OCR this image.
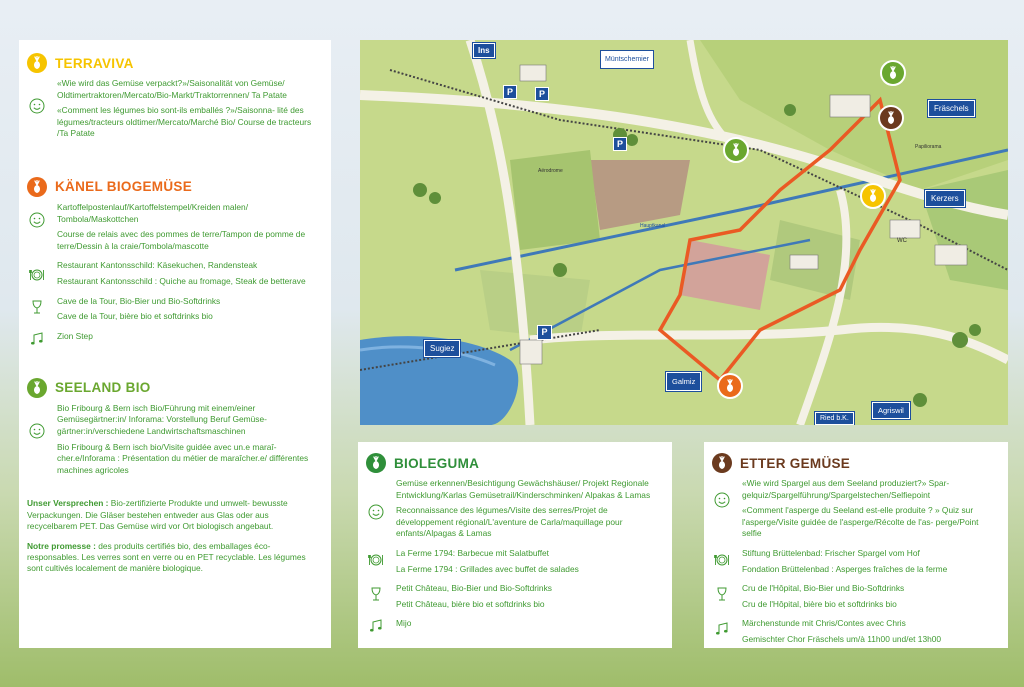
TERRAVIVA

«Wie wird das Gemüse verpackt?»/Saisonalität von Gemüse/ Oldtimertraktoren/Mercato/Bio-Markt/Traktorrennen/ Ta Patate

«Comment les légumes bio sont-ils emballés ?»/Saisonna- lité des légumes/tracteurs oldtimer/Mercato/Marché Bio/ Course de tracteurs /Ta Patate

KÄNEL BIOGEMÜSE

Kartoffelpostenlauf/Kartoffelstempel/Kreiden malen/ Tombola/Maskottchen

Course de relais avec des pommes de terre/Tampon de pomme de terre/Dessin à la craie/Tombola/mascotte

Restaurant Kantonsschild: Käsekuchen, Randensteak

Restaurant Kantonsschild : Quiche au fromage, Steak de betterave

Cave de la Tour, Bio-Bier und Bio-Softdrinks

Cave de la Tour, bière bio et softdrinks bio

Zion Step

SEELAND BIO

Bio Fribourg & Bern isch Bio/Führung mit einem/einer Gemüsegärtner:in/ Inforama: Vorstellung Beruf Gemüse- gärtner:in/verschiedene Landwirtschaftsmaschinen

Bio Fribourg & Bern isch bio/Visite guidée avec un.e maraî- cher.e/Inforama : Présentation du métier de maraîcher.e/ différentes machines agricoles

Unser Versprechen : Bio-zertifizierte Produkte und umwelt- bewusste Verpackungen. Die Gläser bestehen entweder aus Glas oder aus recycelbarem PET. Das Gemüse wird vor Ort biologisch angebaut.

Notre promesse : des produits certifiés bio, des emballages éco- responsables. Les verres sont en verre ou en PET recyclable. Les légumes sont cultivés localement de manière biologique.

Ins
Müntschemier
Fräschels
Kerzers
Sugiez
Galmiz
Ried b.K.
Agriswil
Aérodrome
Hauptkanal
WC
Papiliorama
P	P
P
P
BIOLEGUMA

Gemüse erkennen/Besichtigung Gewächshäuser/ Projekt Regionale Entwicklung/Karlas Gemüsetrail/Kinderschminken/ Alpakas & Lamas

Reconnaissance des légumes/Visite des serres/Projet de développement régional/L'aventure de Carla/maquillage pour enfants/Alpagas & Lamas

La Ferme 1794: Barbecue mit Salatbuffet

La Ferme 1794 : Grillades avec buffet de salades

Petit Château, Bio-Bier und Bio-Softdrinks

Petit Château, bière bio et softdrinks bio

Mijo

ETTER GEMÜSE

«Wie wird Spargel aus dem Seeland produziert?» Spar- gelquiz/Spargelführung/Spargelstechen/Selfiepoint

«Comment l'asperge du Seeland est-elle produite ? » Quiz sur l'asperge/Visite guidée de l'asperge/Récolte de l'as- perge/Point selfie

Stiftung Brüttelenbad: Frischer Spargel vom Hof

Fondation Brüttelenbad : Asperges fraîches de la ferme

Cru de l'Hôpital, Bio-Bier und Bio-Softdrinks

Cru de l'Hôpital, bière bio et softdrinks bio

Märchenstunde mit Chris/Contes avec Chris

Gemischter Chor Fräschels um/à 11h00 und/et 13h00
